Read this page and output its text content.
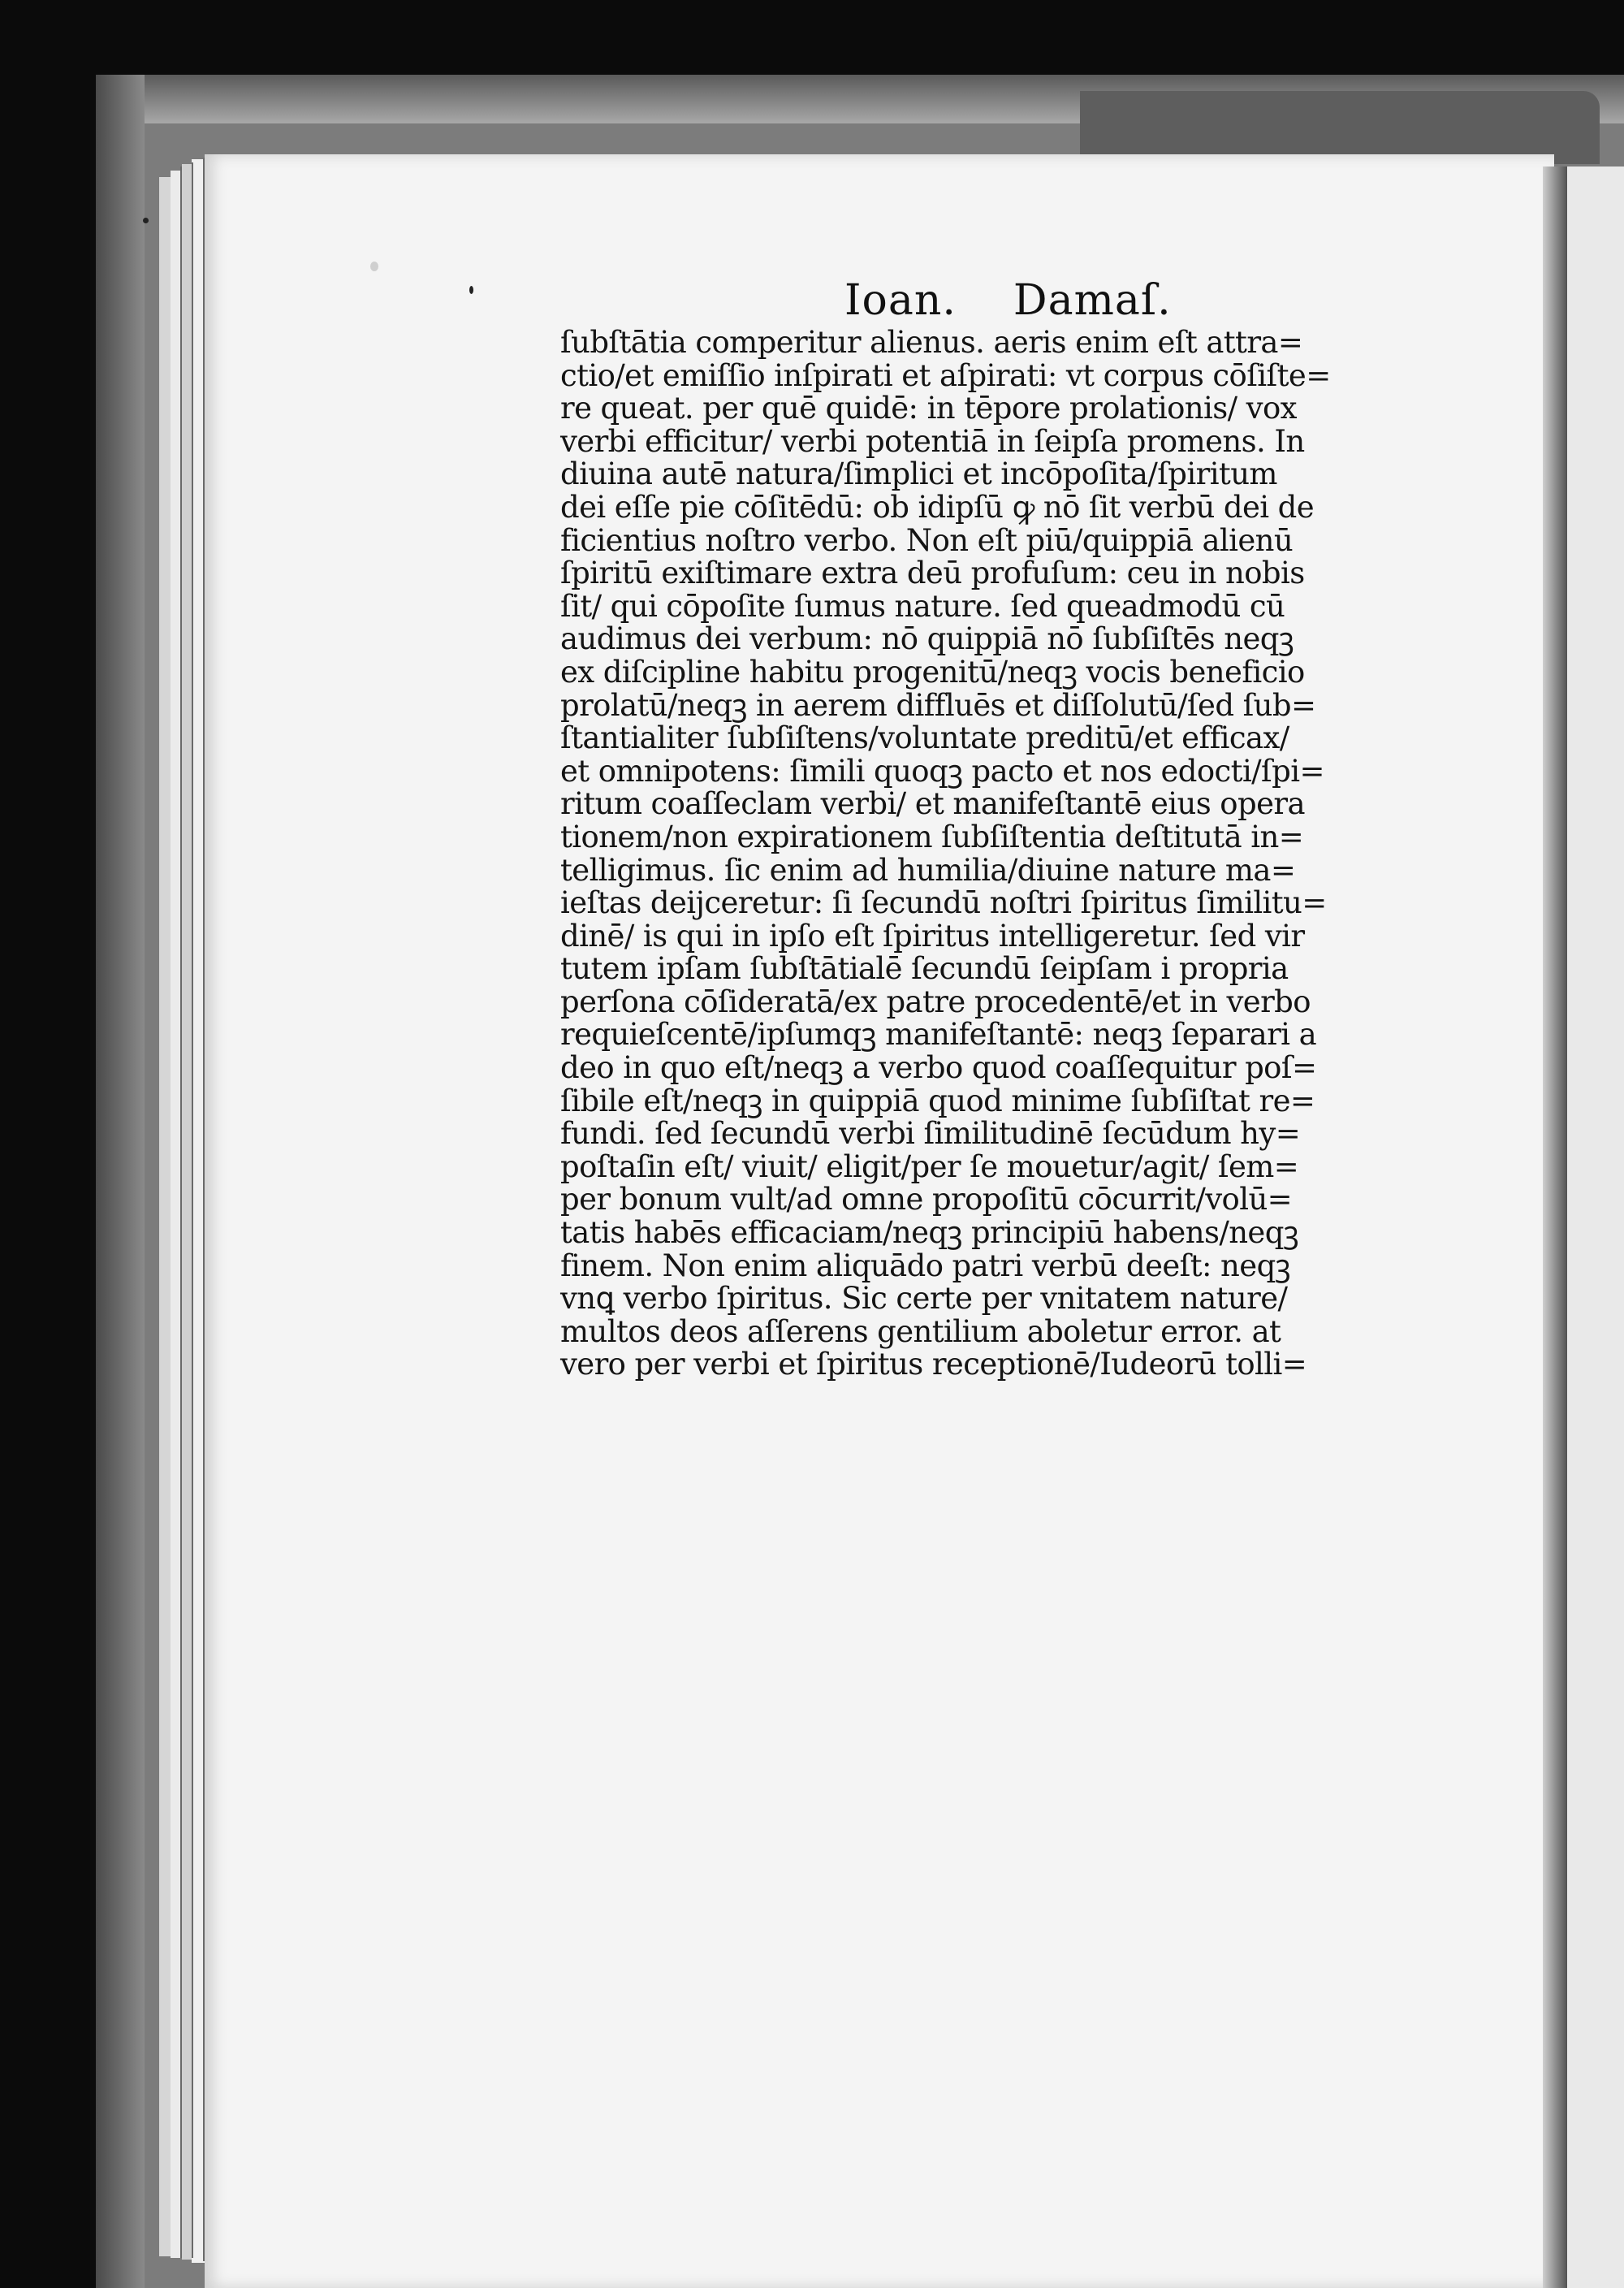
Ioan. Damaſ.
ſubſtātia comperitur alienus. aeris enim eſt attra=
ctio/et emiſſio inſpirati et aſpirati: vt corpus cōſiſte=
re queat. per quē quidē: in tēpore prolationis/ vox
verbi efficitur/ verbi potentiā in ſeipſa promens. In
diuina autē natura/ſimplici et incōpoſita/ſpiritum
dei eſſe pie cōſitēdū: ob idipſū ꝙ nō ſit verbū dei de
ficientius noſtro verbo. Non eſt piū/quippiā alienū
ſpiritū exiſtimare extra deū profuſum: ceu in nobis
ſit/ qui cōpoſite ſumus nature. ſed queadmodū cū
audimus dei verbum: nō quippiā nō ſubſiſtēs neqꝫ
ex diſcipline habitu progenitū/neqꝫ vocis beneficio
prolatū/neqꝫ in aerem diffluēs et diſſolutū/ſed ſub=
ſtantialiter ſubſiſtens/voluntate preditū/et efficax/
et omnipotens: ſimili quoqꝫ pacto et nos edocti/ſpi=
ritum coaſſeclam verbi/ et manifeſtantē eius opera
tionem/non expirationem ſubſiſtentia deſtitutā in=
telligimus. ſic enim ad humilia/diuine nature ma=
ieſtas deijceretur: ſi ſecundū noſtri ſpiritus ſimilitu=
dinē/ is qui in ipſo eſt ſpiritus intelligeretur. ſed vir
tutem ipſam ſubſtātialē ſecundū ſeipſam i propria
perſona cōſideratā/ex patre procedentē/et in verbo
requieſcentē/ipſumqꝫ manifeſtantē: neqꝫ ſeparari a
deo in quo eſt/neqꝫ a verbo quod coaſſequitur poſ=
ſibile eſt/neqꝫ in quippiā quod minime ſubſiſtat re=
fundi. ſed ſecundū verbi ſimilitudinē ſecūdum hy=
poſtaſin eſt/ viuit/ eligit/per ſe mouetur/agit/ ſem=
per bonum vult/ad omne propoſitū cōcurrit/volū=
tatis habēs efficaciam/neqꝫ principiū habens/neqꝫ
finem. Non enim aliquādo patri verbū deeſt: neqꝫ
vnꝗ verbo ſpiritus. Sic certe per vnitatem nature/
multos deos aſſerens gentilium aboletur error. at
vero per verbi et ſpiritus receptionē/Iudeorū tolli=
